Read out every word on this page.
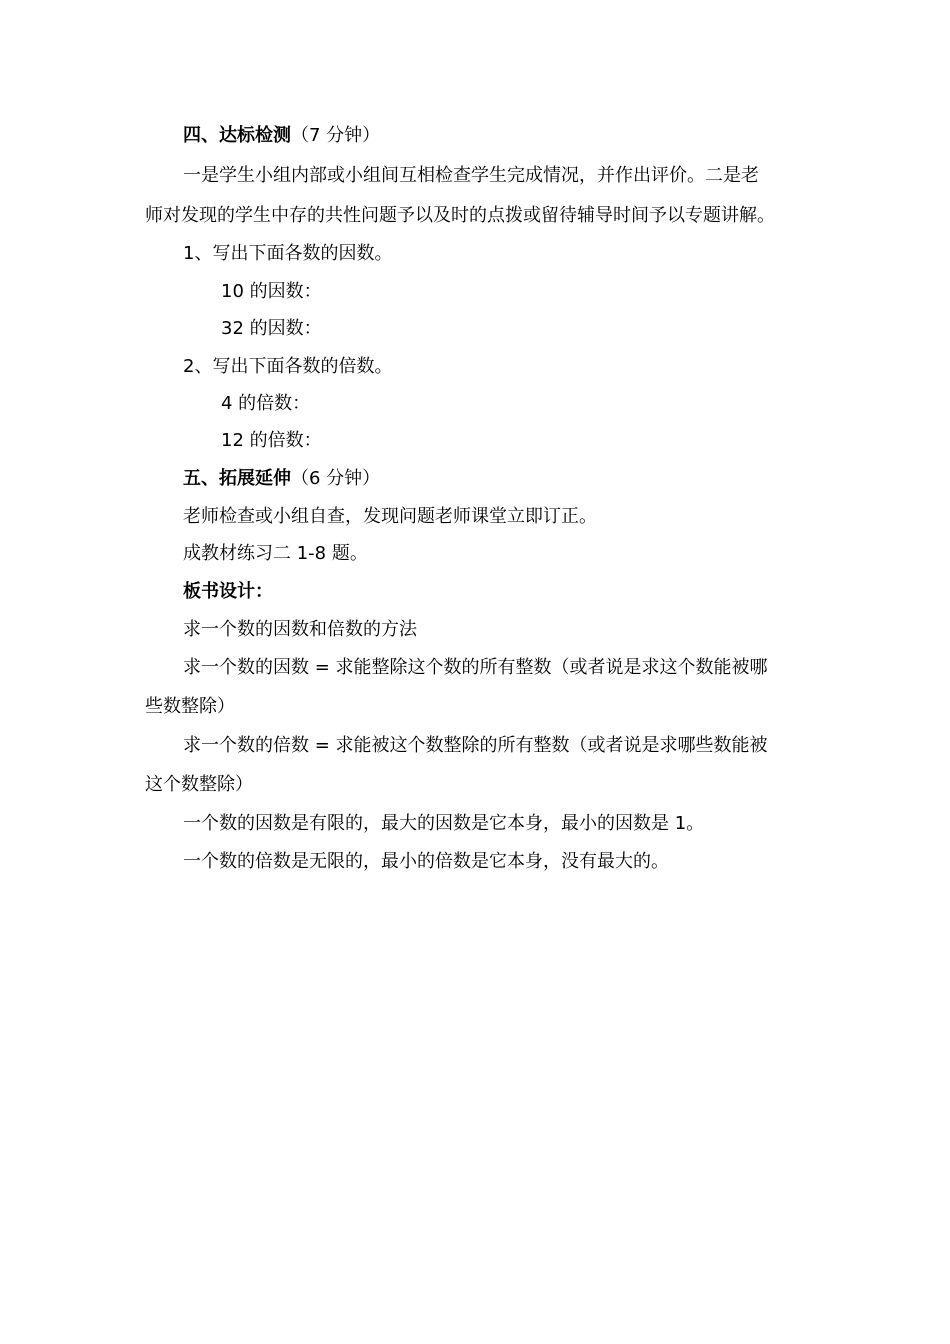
四、达标检测（7 分钟）
一是学生小组内部或小组间互相检查学生完成情况，并作出评价。二是老
师对发现的学生中存的共性问题予以及时的点拨或留待辅导时间予以专题讲解。
1、写出下面各数的因数。
10 的因数：
32 的因数：
2、写出下面各数的倍数。
4 的倍数：
12 的倍数：
五、拓展延伸（6 分钟）
老师检查或小组自查，发现问题老师课堂立即订正。
成教材练习二 1-8 题。
板书设计：
求一个数的因数和倍数的方法
求一个数的因数 = 求能整除这个数的所有整数（或者说是求这个数能被哪
些数整除）
求一个数的倍数 = 求能被这个数整除的所有整数（或者说是求哪些数能被
这个数整除）
一个数的因数是有限的，最大的因数是它本身，最小的因数是 1。
一个数的倍数是无限的，最小的倍数是它本身，没有最大的。
